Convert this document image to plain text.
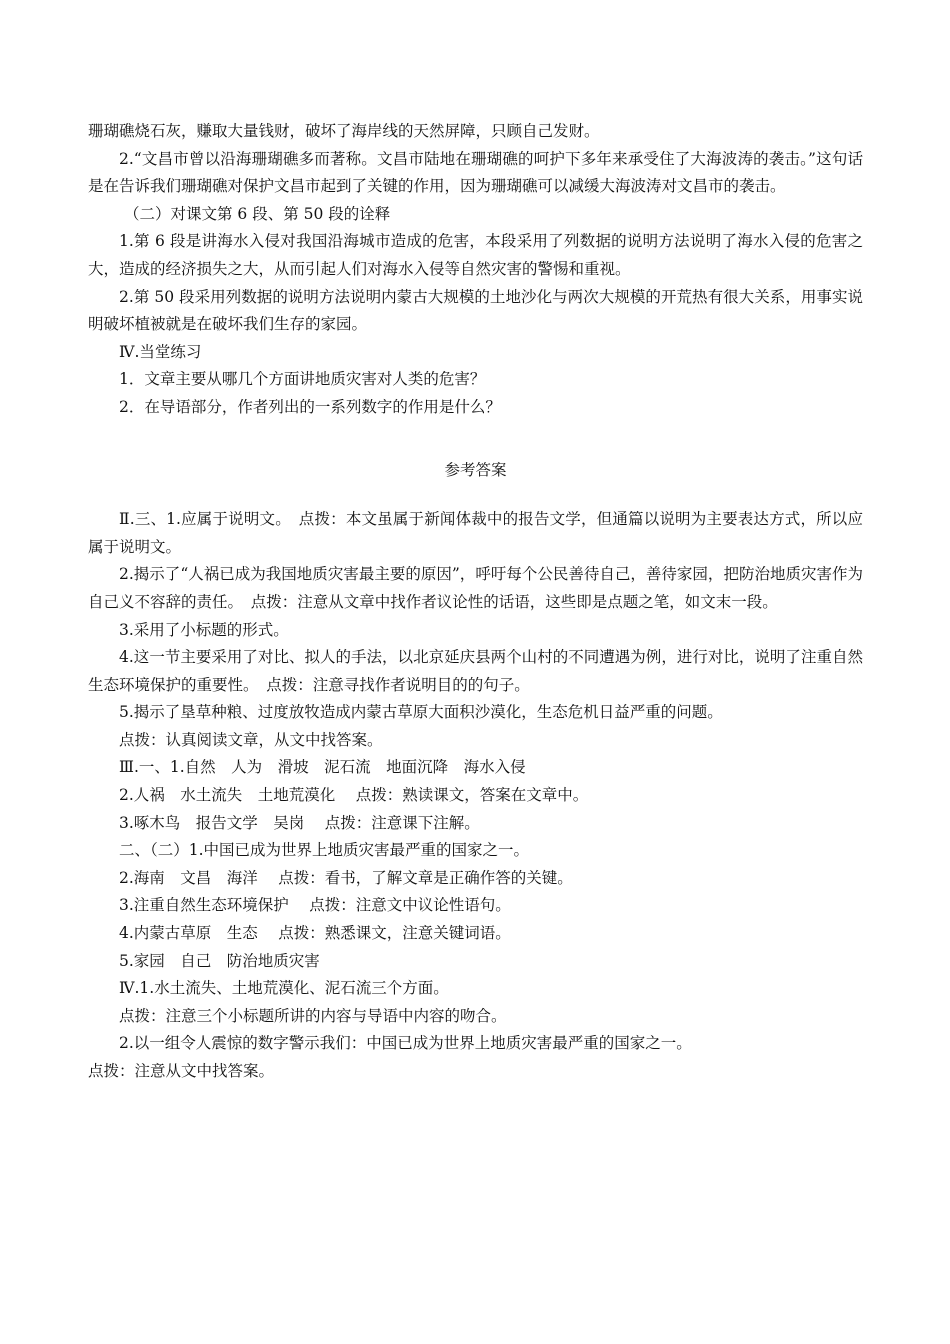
珊瑚礁烧石灰，赚取大量钱财，破坏了海岸线的天然屏障，只顾自己发财。

2.“文昌市曾以沿海珊瑚礁多而著称。文昌市陆地在珊瑚礁的呵护下多年来承受住了大海波涛的袭击。”这句话是在告诉我们珊瑚礁对保护文昌市起到了关键的作用，因为珊瑚礁可以减缓大海波涛对文昌市的袭击。

（二）对课文第 6 段、第 50 段的诠释

1.第 6 段是讲海水入侵对我国沿海城市造成的危害，本段采用了列数据的说明方法说明了海水入侵的危害之大，造成的经济损失之大，从而引起人们对海水入侵等自然灾害的警惕和重视。

2.第 50 段采用列数据的说明方法说明内蒙古大规模的土地沙化与两次大规模的开荒热有很大关系，用事实说明破坏植被就是在破坏我们生存的家园。

Ⅳ.当堂练习

1．文章主要从哪几个方面讲地质灾害对人类的危害？

2．在导语部分，作者列出的一系列数字的作用是什么？

参考答案

Ⅱ.三、1.应属于说明文。　点拨：本文虽属于新闻体裁中的报告文学，但通篇以说明为主要表达方式，所以应属于说明文。

2.揭示了“人祸已成为我国地质灾害最主要的原因”，呼吁每个公民善待自己，善待家园，把防治地质灾害作为自己义不容辞的责任。　点拨：注意从文章中找作者议论性的话语，这些即是点题之笔，如文末一段。

3.采用了小标题的形式。

4.这一节主要采用了对比、拟人的手法，以北京延庆县两个山村的不同遭遇为例，进行对比，说明了注重自然生态环境保护的重要性。　点拨：注意寻找作者说明目的的句子。

5.揭示了垦草种粮、过度放牧造成内蒙古草原大面积沙漠化，生态危机日益严重的问题。

点拨：认真阅读文章，从文中找答案。

Ⅲ.一、1.自然　人为　滑坡　泥石流　地面沉降　海水入侵

2.人祸　水土流失　土地荒漠化　 点拨：熟读课文，答案在文章中。

3.啄木鸟　报告文学　吴岗　 点拨：注意课下注解。

二、（二）1.中国已成为世界上地质灾害最严重的国家之一。

2.海南　文昌　海洋　 点拨：看书，了解文章是正确作答的关键。

3.注重自然生态环境保护　 点拨：注意文中议论性语句。

4.内蒙古草原　生态　 点拨：熟悉课文，注意关键词语。

5.家园　自己　防治地质灾害

Ⅳ.1.水土流失、土地荒漠化、泥石流三个方面。

点拨：注意三个小标题所讲的内容与导语中内容的吻合。

2.以一组令人震惊的数字警示我们：中国已成为世界上地质灾害最严重的国家之一。

点拨：注意从文中找答案。
